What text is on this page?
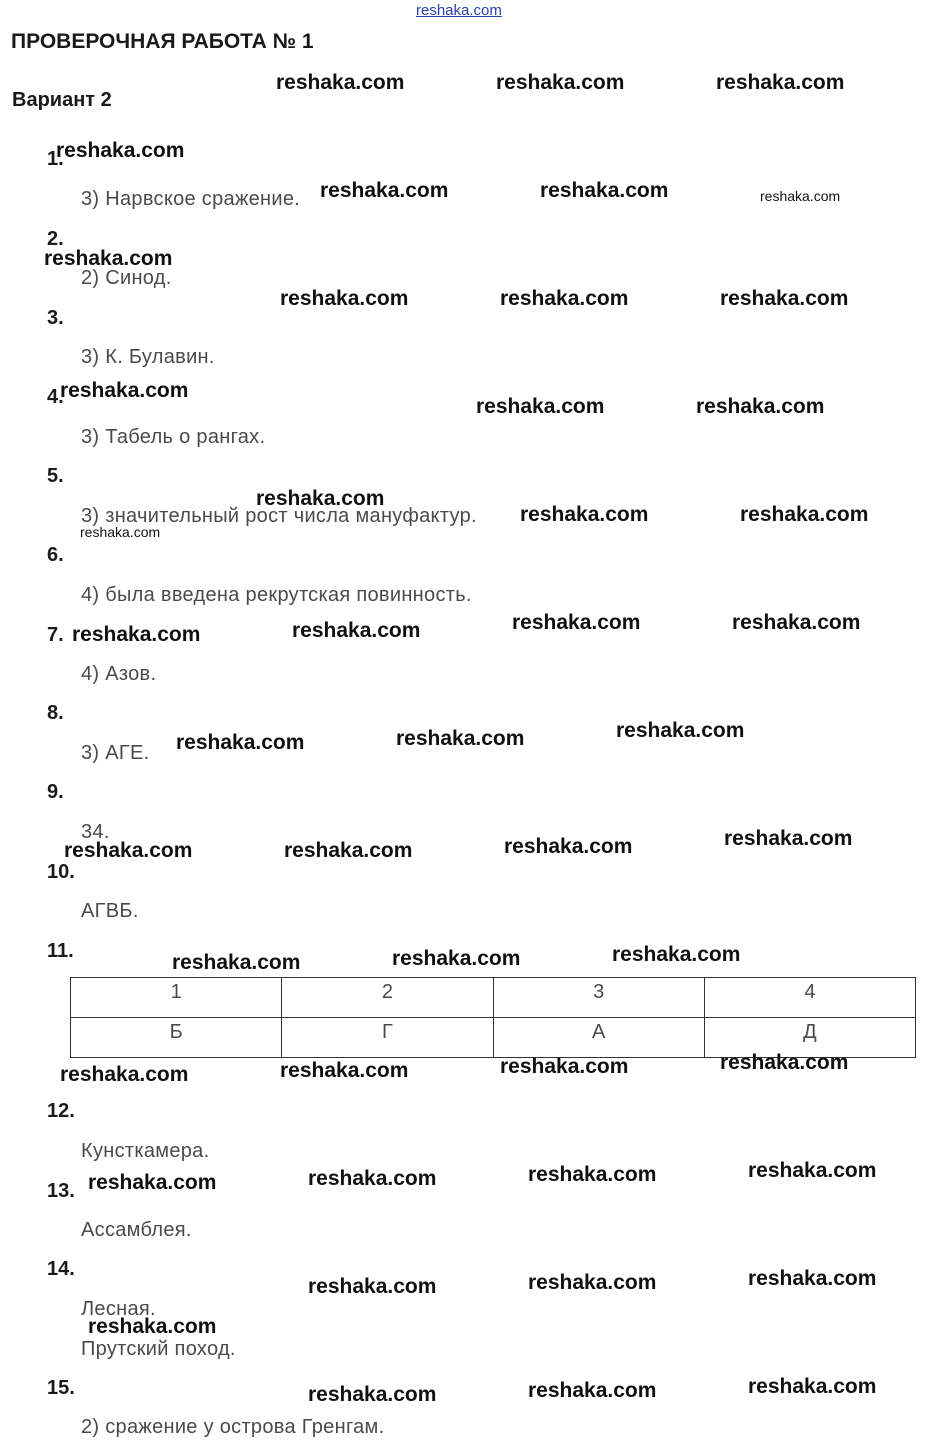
reshaka.com
ПРОВЕРОЧНАЯ РАБОТА № 1
Вариант 2
1.
2.
3.
4.
5.
6.
7.
8.
9.
10.
11.
12.
13.
14.
15.
3) Нарвское сражение.
2) Синод.
3) К. Булавин.
3) Табель о рангах.
3) значительный рост числа мануфактур.
4) была введена рекрутская повинность.
4) Азов.
3) АГЕ.
34.
АГВБ.
Кунсткамера.
Ассамблея.
Лесная.
Прутский поход.
2) сражение у острова Гренгам.
1	2	3	4
Б	Г	А	Д
reshaka.com	reshaka.com	reshaka.com
reshaka.com
reshaka.com	reshaka.com	reshaka.com
reshaka.com
reshaka.com	reshaka.com	reshaka.com
reshaka.com
reshaka.com	reshaka.com
reshaka.com
reshaka.com	reshaka.com
reshaka.com
reshaka.com	reshaka.com	reshaka.com	reshaka.com
reshaka.com	reshaka.com	reshaka.com
reshaka.com	reshaka.com	reshaka.com	reshaka.com
reshaka.com	reshaka.com	reshaka.com
reshaka.com	reshaka.com	reshaka.com	reshaka.com
reshaka.com	reshaka.com	reshaka.com	reshaka.com
reshaka.com	reshaka.com	reshaka.com
reshaka.com
reshaka.com	reshaka.com	reshaka.com
